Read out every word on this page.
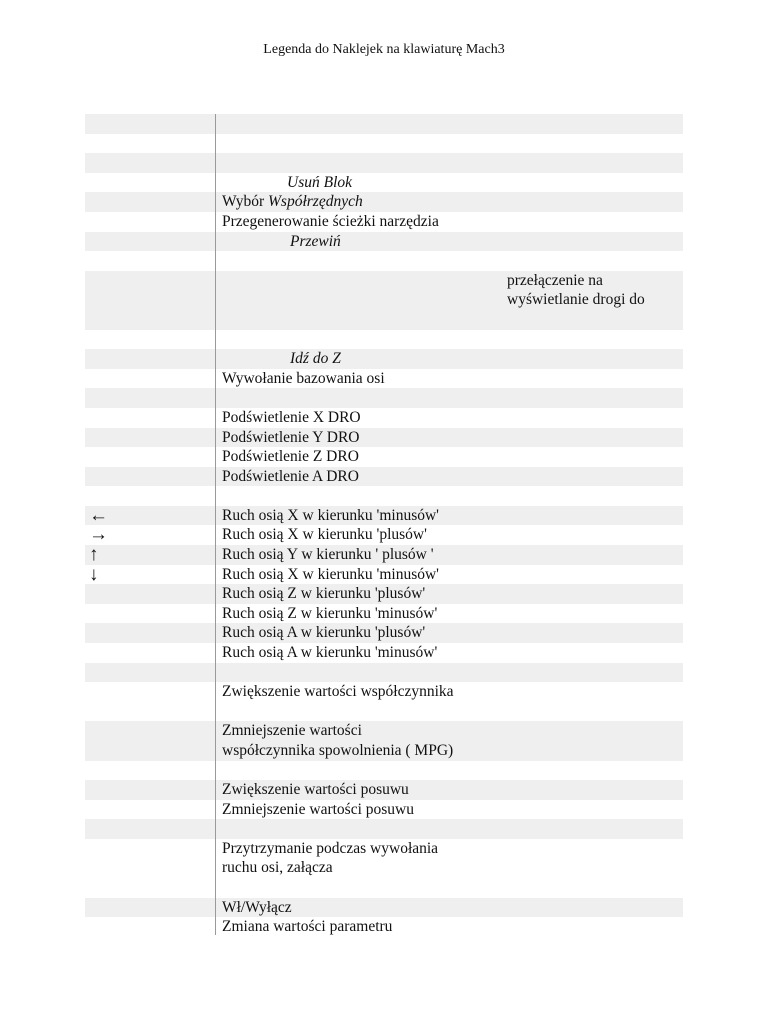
Legenda do Naklejek na klawiaturę Mach3
Usuń Blok
Wybór Współrzędnych
Przegenerowanie ścieżki narzędzia
Przewiń
przełączenie na
wyświetlanie drogi do
Idź do Z
Wywołanie bazowania osi
Podświetlenie X DRO
Podświetlenie Y DRO
Podświetlenie Z DRO
Podświetlenie A DRO
←	Ruch osią X w kierunku 'minusów'
→	Ruch osią X w kierunku 'plusów'
↑	Ruch osią Y w kierunku ' plusów '
↓	Ruch osią X w kierunku 'minusów'
Ruch osią Z w kierunku 'plusów'
Ruch osią Z w kierunku 'minusów'
Ruch osią A w kierunku 'plusów'
Ruch osią A w kierunku 'minusów'
Zwiększenie wartości współczynnika
Zmniejszenie wartości
współczynnika spowolnienia ( MPG)
Zwiększenie wartości posuwu
Zmniejszenie wartości posuwu
Przytrzymanie podczas wywołania
ruchu osi, załącza
Wł/Wyłącz
Zmiana wartości parametru
